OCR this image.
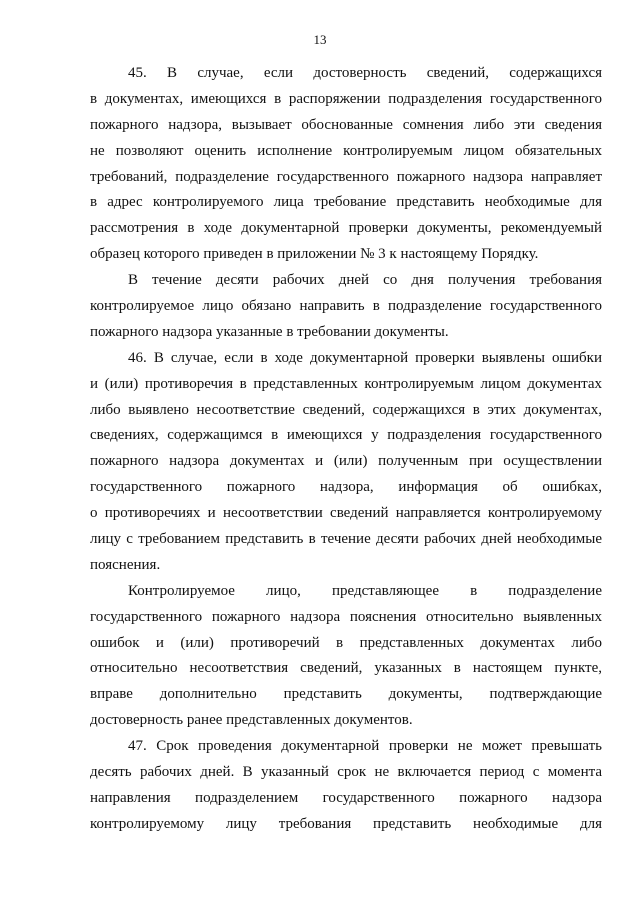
13
45. В случае, если достоверность сведений, содержащихся
в документах, имеющихся в распоряжении подразделения государственного
пожарного надзора, вызывает обоснованные сомнения либо эти сведения
не позволяют оценить исполнение контролируемым лицом обязательных
требований, подразделение государственного пожарного надзора направляет
в адрес контролируемого лица требование представить необходимые для
рассмотрения в ходе документарной проверки документы, рекомендуемый
образец которого приведен в приложении № 3 к настоящему Порядку.
В течение десяти рабочих дней со дня получения требования
контролируемое лицо обязано направить в подразделение государственного
пожарного надзора указанные в требовании документы.
46. В случае, если в ходе документарной проверки выявлены ошибки
и (или) противоречия в представленных контролируемым лицом документах
либо выявлено несоответствие сведений, содержащихся в этих документах,
сведениях, содержащимся в имеющихся у подразделения государственного
пожарного надзора документах и (или) полученным при осуществлении
государственного пожарного надзора, информация об ошибках,
о противоречиях и несоответствии сведений направляется контролируемому
лицу с требованием представить в течение десяти рабочих дней необходимые
пояснения.
Контролируемое лицо, представляющее в подразделение
государственного пожарного надзора пояснения относительно выявленных
ошибок и (или) противоречий в представленных документах либо
относительно несоответствия сведений, указанных в настоящем пункте,
вправе дополнительно представить документы, подтверждающие
достоверность ранее представленных документов.
47. Срок проведения документарной проверки не может превышать
десять рабочих дней. В указанный срок не включается период с момента
направления подразделением государственного пожарного надзора
контролируемому лицу требования представить необходимые для
